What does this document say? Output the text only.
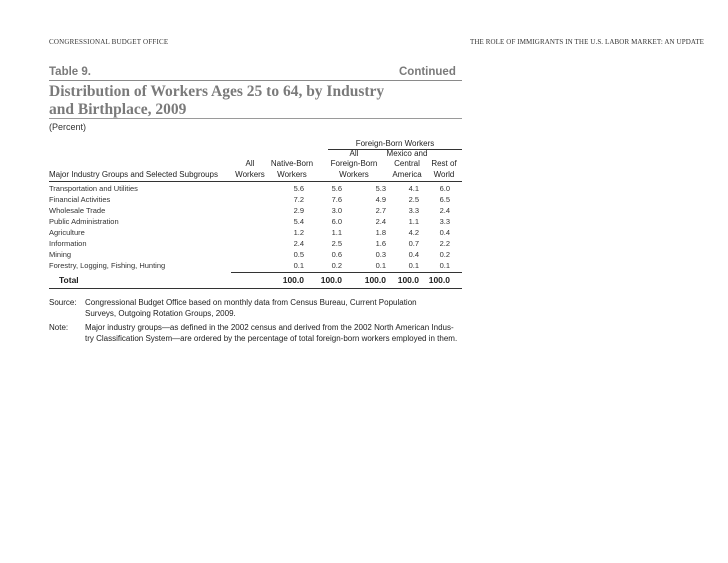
CONGRESSIONAL BUDGET OFFICE	THE ROLE OF IMMIGRANTS IN THE U.S. LABOR MARKET: AN UPDATE
Table 9.	Continued
Distribution of Workers Ages 25 to 64, by Industry and Birthplace, 2009
(Percent)
Foreign-Born Workers
Major Industry Groups and Selected Subgroups
All
Workers
Native-Born
Workers
All
Foreign-Born
Workers
Mexico and
Central
America
Rest of
World
Transportation and Utilities	5.6	5.6	5.3	4.1	6.0
Financial Activities	7.2	7.6	4.9	2.5	6.5
Wholesale Trade	2.9	3.0	2.7	3.3	2.4
Public Administration	5.4	6.0	2.4	1.1	3.3
Agriculture	1.2	1.1	1.8	4.2	0.4
Information	2.4	2.5	1.6	0.7	2.2
Mining	0.5	0.6	0.3	0.4	0.2
Forestry, Logging, Fishing, Hunting	0.1	0.2	0.1	0.1	0.1
Total	100.0 100.0	100.0 100.0 100.0
Source: Congressional Budget Office based on monthly data from Census Bureau, Current Population
Surveys, Outgoing Rotation Groups, 2009.
Note: Major industry groups—as defined in the 2002 census and derived from the 2002 North American Indus-
try Classification System—are ordered by the percentage of total foreign-born workers employed in them.
